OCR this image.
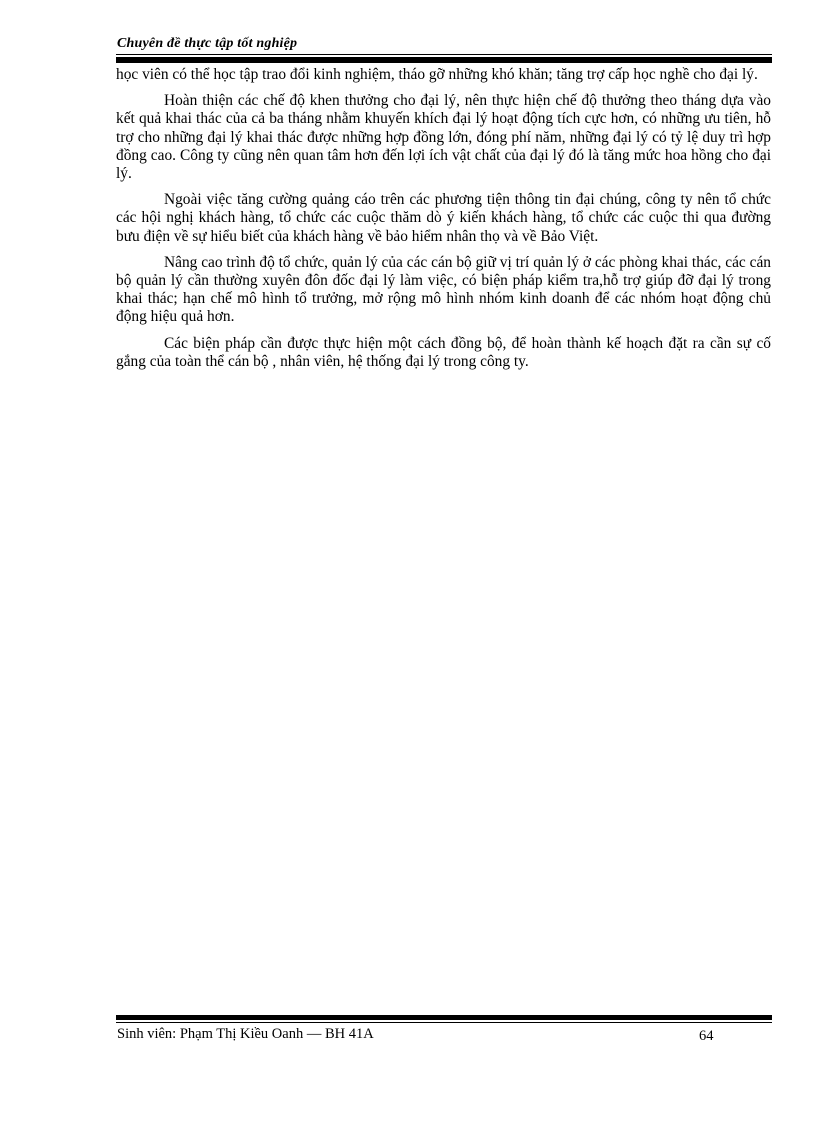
Chuyên đề thực tập tốt nghiệp

học viên có thể học tập trao đổi kinh nghiệm, tháo gỡ những khó khăn; tăng trợ cấp học nghề cho đại lý.

Hoàn thiện các chế độ khen thưởng cho đại lý, nên thực hiện chế độ thưởng theo tháng dựa vào kết quả khai thác của cả ba tháng nhằm khuyến khích đại lý hoạt động tích cực hơn, có những ưu tiên, hỗ trợ cho những đại lý khai thác được những hợp đồng lớn, đóng phí năm, những đại lý có tỷ lệ duy trì hợp đồng cao. Công ty cũng nên quan tâm hơn đến lợi ích vật chất của đại lý đó là tăng mức hoa hồng cho đại lý.

Ngoài việc tăng cường quảng cáo trên các phương tiện thông tin đại chúng, công ty nên tổ chức các hội nghị khách hàng, tổ chức các cuộc thăm dò ý kiến khách hàng, tổ chức các cuộc thi qua đường bưu điện về sự hiểu biết của khách hàng về bảo hiểm nhân thọ và về Bảo Việt.

Nâng cao trình độ tổ chức, quản lý của các cán bộ giữ vị trí quản lý ở các phòng khai thác, các cán bộ quản lý cần thường xuyên đôn đốc đại lý làm việc, có biện pháp kiểm tra,hỗ trợ giúp đỡ đại lý trong khai thác; hạn chế mô hình tổ trưởng, mở rộng mô hình nhóm kinh doanh để các nhóm hoạt động chủ động hiệu quả hơn.

Các biện pháp cần được thực hiện một cách đồng bộ, để hoàn thành kế hoạch đặt ra cần sự cố gắng của toàn thể cán bộ , nhân viên, hệ thống đại lý trong công ty.

Sinh viên: Phạm Thị Kiều Oanh — BH 41A	64
